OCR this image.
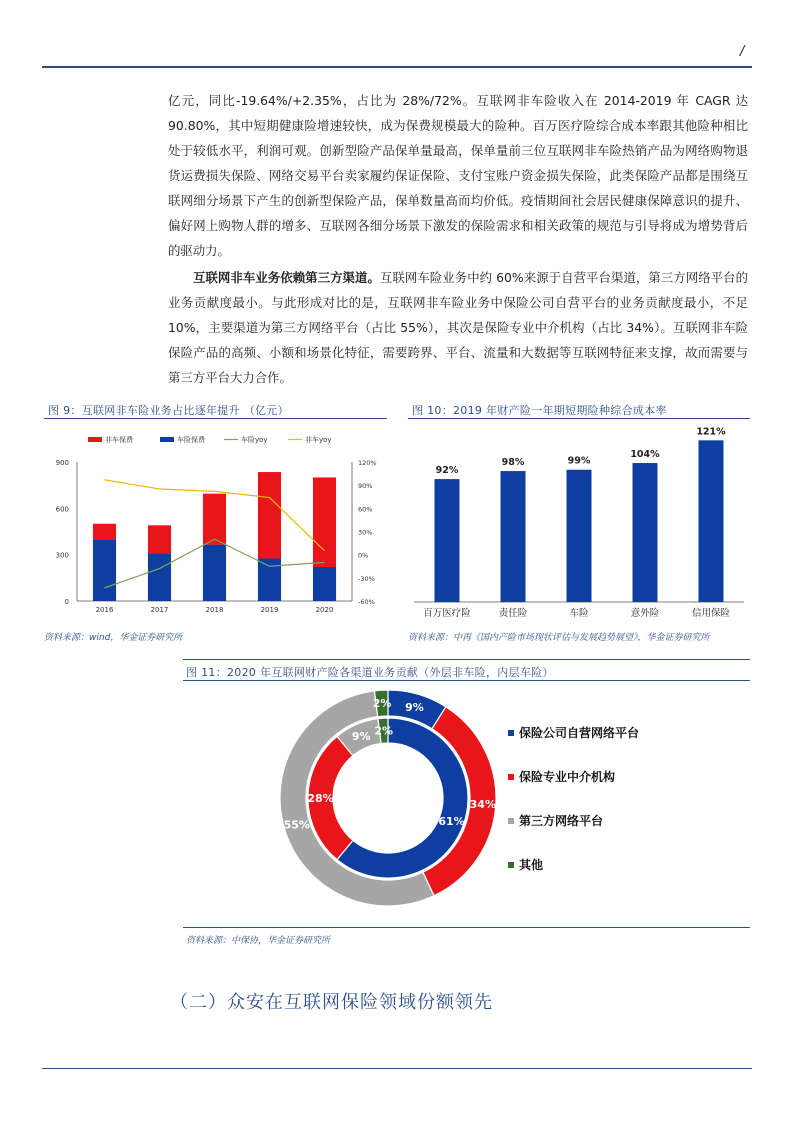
/

亿元，同比-19.64%/+2.35%，占比为 28%/72%。互联网非车险收入在 2014-2019 年 CAGR 达 90.80%，其中短期健康险增速较快，成为保费规模最大的险种。百万医疗险综合成本率跟其他险种相比处于较低水平，利润可观。创新型险产品保单量最高，保单量前三位互联网非车险热销产品为网络购物退货运费损失保险、网络交易平台卖家履约保证保险、支付宝账户资金损失保险，此类保险产品都是围绕互联网细分场景下产生的创新型保险产品，保单数量高而均价低。疫情期间社会居民健康保障意识的提升、偏好网上购物人群的增多、互联网各细分场景下激发的保险需求和相关政策的规范与引导将成为增势背后的驱动力。

互联网非车业务依赖第三方渠道。互联网车险业务中约 60%来源于自营平台渠道，第三方网络平台的业务贡献度最小。与此形成对比的是，互联网非车险业务中保险公司自营平台的业务贡献度最小，不足 10%，主要渠道为第三方网络平台（占比 55%），其次是保险专业中介机构（占比 34%）。互联网非车险保险产品的高频、小额和场景化特征，需要跨界、平台、流量和大数据等互联网特征来支撑，故而需要与第三方平台大力合作。

图 9：互联网非车险业务占比逐年提升 （亿元）
非车保费	车险保费	车险yoy	非车yoy
0
300
600
900
-60%
-30%
0%
30%
60%
90%
120%
2016	2017	2018	2019	2020
资料来源：wind，华金证券研究所
图 10：2019 年财产险一年期短期险种综合成本率
92%
百万医疗险
98%
责任险
99%
车险
104%
意外险
121%
信用保险
资料来源：中再《国内产险市场现状评估与发展趋势展望》，华金证券研究所
图 11：2020 年互联网财产险各渠道业务贡献（外层非车险，内层车险）
9%
34%
55%
2%
61%
28%
9% 2%	保险公司自营网络平台
保险专业中介机构
第三方网络平台
其他
资料来源：中保协，华金证券研究所
（二）众安在互联网保险领域份额领先
